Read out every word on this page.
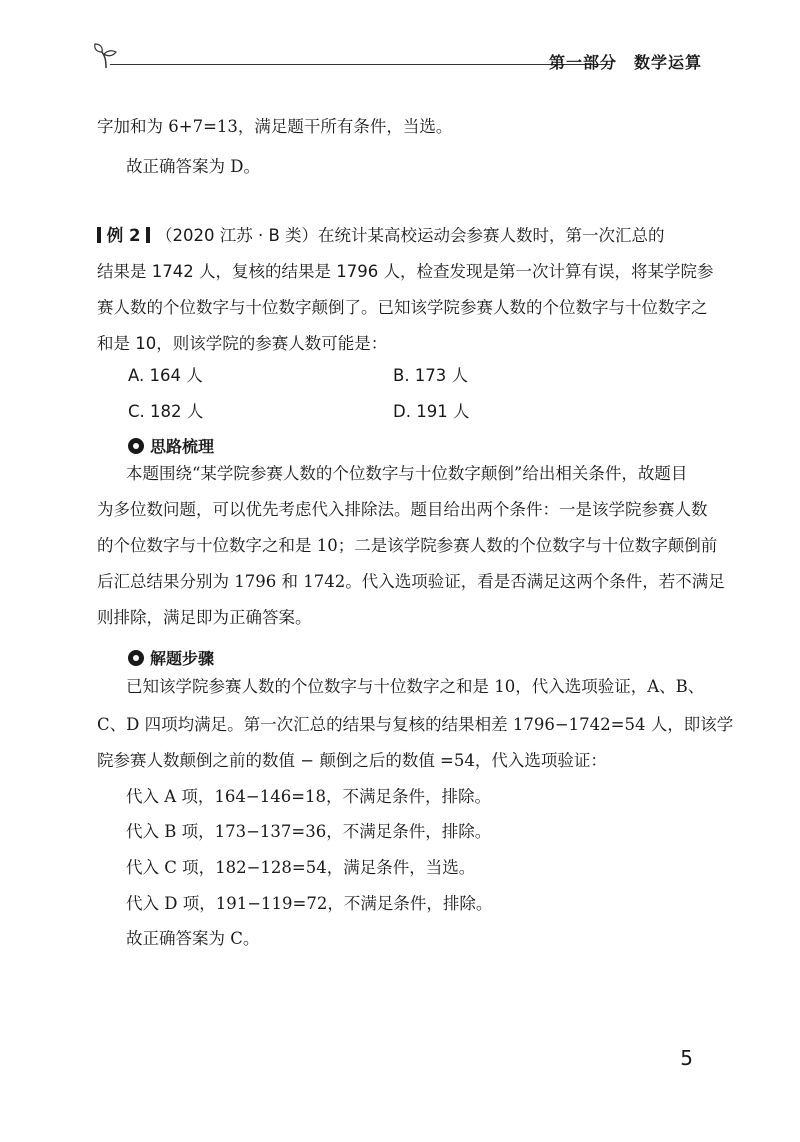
第一部分　数学运算
字加和为 6+7=13，满足题干所有条件，当选。
故正确答案为 D。
例 2 （2020 江苏 · B 类）在统计某高校运动会参赛人数时，第一次汇总的
结果是 1742 人，复核的结果是 1796 人，检查发现是第一次计算有误，将某学院参
赛人数的个位数字与十位数字颠倒了。已知该学院参赛人数的个位数字与十位数字之
和是 10，则该学院的参赛人数可能是：
A. 164 人	B. 173 人
C. 182 人	D. 191 人
思路梳理
本题围绕“某学院参赛人数的个位数字与十位数字颠倒”给出相关条件，故题目
为多位数问题，可以优先考虑代入排除法。题目给出两个条件：一是该学院参赛人数
的个位数字与十位数字之和是 10；二是该学院参赛人数的个位数字与十位数字颠倒前
后汇总结果分别为 1796 和 1742。代入选项验证，看是否满足这两个条件，若不满足
则排除，满足即为正确答案。
解题步骤
已知该学院参赛人数的个位数字与十位数字之和是 10，代入选项验证，A、B、
C、D 四项均满足。第一次汇总的结果与复核的结果相差 1796−1742=54 人，即该学
院参赛人数颠倒之前的数值 − 颠倒之后的数值 =54，代入选项验证：
代入 A 项，164−146=18，不满足条件，排除。
代入 B 项，173−137=36，不满足条件，排除。
代入 C 项，182−128=54，满足条件，当选。
代入 D 项，191−119=72，不满足条件，排除。
故正确答案为 C。
5
